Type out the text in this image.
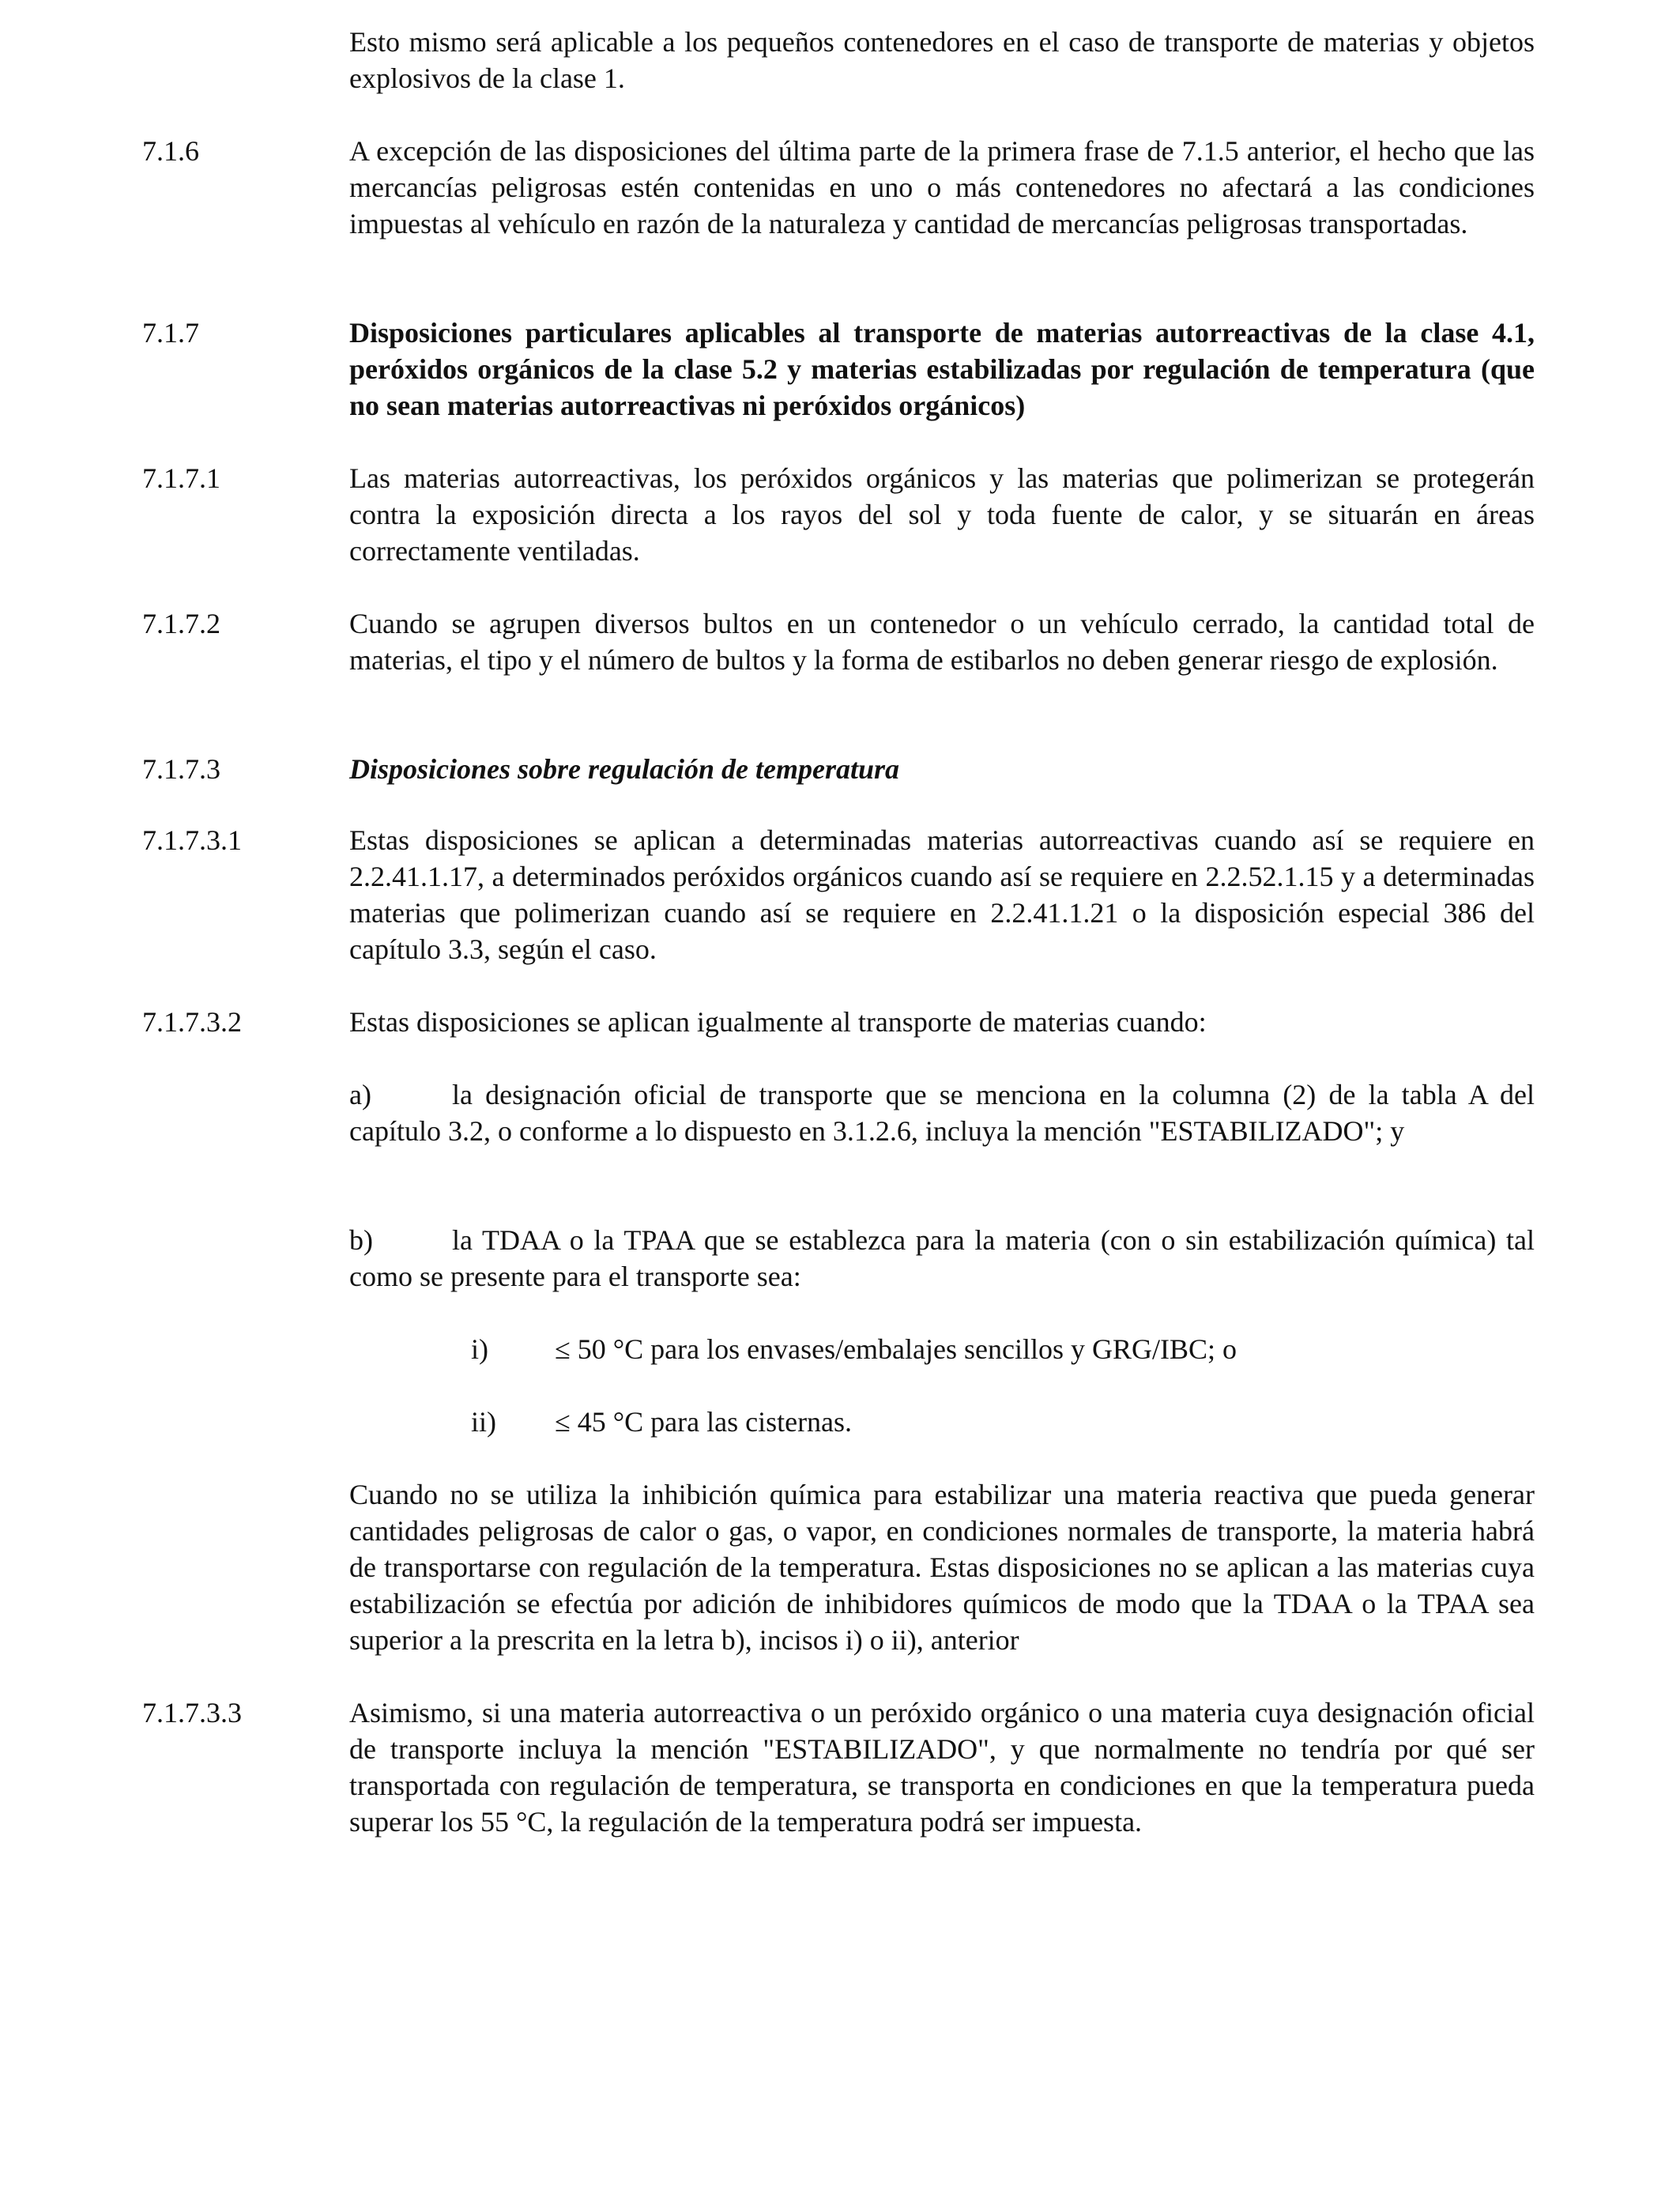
Esto mismo será aplicable a los pequeños contenedores en el caso de transporte de materias y objetos explosivos de la clase 1.

7.1.6	A excepción de las disposiciones del última parte de la primera frase de 7.1.5 anterior, el hecho que las mercancías peligrosas estén contenidas en uno o más contenedores no afectará a las condiciones impuestas al vehículo en razón de la naturaleza y cantidad de mercancías peligrosas transportadas.

7.1.7	Disposiciones particulares aplicables al transporte de materias autorreactivas de la clase 4.1, peróxidos orgánicos de la clase 5.2 y materias estabilizadas por regulación de temperatura (que no sean materias autorreactivas ni peróxidos orgánicos)

7.1.7.1	Las materias autorreactivas, los peróxidos orgánicos y las materias que polimerizan se protegerán contra la exposición directa a los rayos del sol y toda fuente de calor, y se situarán en áreas correctamente ventiladas.

7.1.7.2	Cuando se agrupen diversos bultos en un contenedor o un vehículo cerrado, la cantidad total de materias, el tipo y el número de bultos y la forma de estibarlos no deben generar riesgo de explosión.

7.1.7.3	Disposiciones sobre regulación de temperatura

7.1.7.3.1	Estas disposiciones se aplican a determinadas materias autorreactivas cuando así se requiere en 2.2.41.1.17, a determinados peróxidos orgánicos cuando así se requiere en 2.2.52.1.15 y a determinadas materias que polimerizan cuando así se requiere en 2.2.41.1.21 o la disposición especial 386 del capítulo 3.3, según el caso.

7.1.7.3.2	Estas disposiciones se aplican igualmente al transporte de materias cuando:

a)	la designación oficial de transporte que se menciona en la columna (2) de la tabla A del capítulo 3.2, o conforme a lo dispuesto en 3.1.2.6, incluya la mención "ESTABILIZADO"; y

b)	la TDAA o la TPAA que se establezca para la materia (con o sin estabilización química) tal como se presente para el transporte sea:

i) ≤ 50 °C para los envases/embalajes sencillos y GRG/IBC; o
ii) ≤ 45 °C para las cisternas.

Cuando no se utiliza la inhibición química para estabilizar una materia reactiva que pueda generar cantidades peligrosas de calor o gas, o vapor, en condiciones normales de transporte, la materia habrá de transportarse con regulación de la temperatura. Estas disposiciones no se aplican a las materias cuya estabilización se efectúa por adición de inhibidores químicos de modo que la TDAA o la TPAA sea superior a la prescrita en la letra b), incisos i) o ii), anterior

7.1.7.3.3	Asimismo, si una materia autorreactiva o un peróxido orgánico o una materia cuya designación oficial de transporte incluya la mención "ESTABILIZADO", y que normalmente no tendría por qué ser transportada con regulación de temperatura, se transporta en condiciones en que la temperatura pueda superar los 55 °C, la regulación de la temperatura podrá ser impuesta.
